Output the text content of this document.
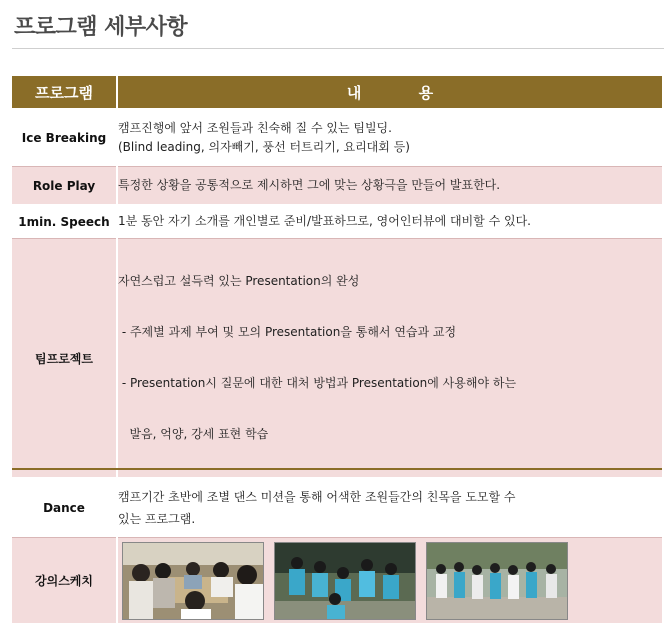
프로그램 세부사항
프로그램	내 용
Ice Breaking	캠프진행에 앞서 조원들과 친숙해 질 수 있는 팀빌딩.
(Blind leading, 의자빼기, 풍선 터트리기, 요리대회 등)

Role Play	특정한 상황을 공통적으로 제시하면 그에 맞는 상황극을 만들어 발표한다.

1min. Speech	1분 동안 자기 소개를 개인별로 준비/발표하므로, 영어인터뷰에 대비할 수 있다.

팀프로젝트	자연스럽고 설득력 있는 Presentation의 완성

- 주제별 과제 부여 및 모의 Presentation을 통해서 연습과 교정

- Presentation시 질문에 대한 대처 방법과 Presentation에 사용해야 하는

발음, 억양, 강세 표현 학습

Dance	캠프기간 초반에 조별 댄스 미션을 통해 어색한 조원들간의 친목을 도모할 수
있는 프로그램.

강의스케치	
